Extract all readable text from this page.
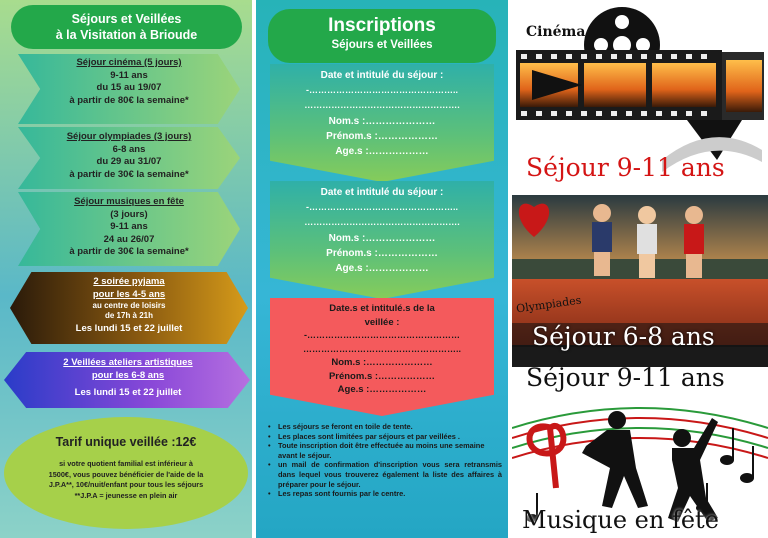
Séjours et Veillées
à la Visitation à Brioude
Séjour cinéma (5 jours)
9-11 ans
du 15 au 19/07
à partir de 80€ la semaine*
Séjour olympiades (3 jours)
6-8 ans
du 29 au 31/07
à partir de 30€ la semaine*
Séjour musiques en fête
(3 jours)
9-11 ans
24 au 26/07
à partir de 30€ la semaine*
2 soirée pyjama
pour les 4-5 ans
au centre de loisirs
de 17h à 21h
Les lundi 15 et 22 juillet
2 Veillées ateliers artistiques
pour les 6-8 ans
Les lundi 15 et 22 juillet
Tarif unique veillée :12€
si votre quotient familial est inférieur à
1500€, vous pouvez bénéficier de l'aide de la
J.P.A**, 10€/nuit/enfant pour tous les séjours
**J.P.A = jeunesse en plein air
Inscriptions
Séjours et Veillées
Date et intitulé du séjour :
-…………………………………………..
…………………………………………….
Nom.s :…………………
Prénom.s :………………
Age.s :………………
Date et intitulé du séjour :
-…………………………………………..
…………………………………………….
Nom.s :…………………
Prénom.s :………………
Age.s :………………
Date.s et intitulé.s de la
veillée :
-……………………………………………
……………………………………………..
Nom.s :…………………
Prénom.s :………………
Age.s :………………
• Les séjours se feront en toile de tente.
• Les places sont limitées par séjours et par veillées .
• Toute inscription doit être effectuée au moins une semaine avant le séjour.
• un mail de confirmation d'inscription vous sera retransmis dans lequel vous trouverez également la liste des affaires à préparer pour le séjour.
• Les repas sont fournis par le centre.
Cinéma
Séjour 9-11 ans
Olympiades
Séjour 6-8 ans
Séjour 9-11 ans
Musique en fête
